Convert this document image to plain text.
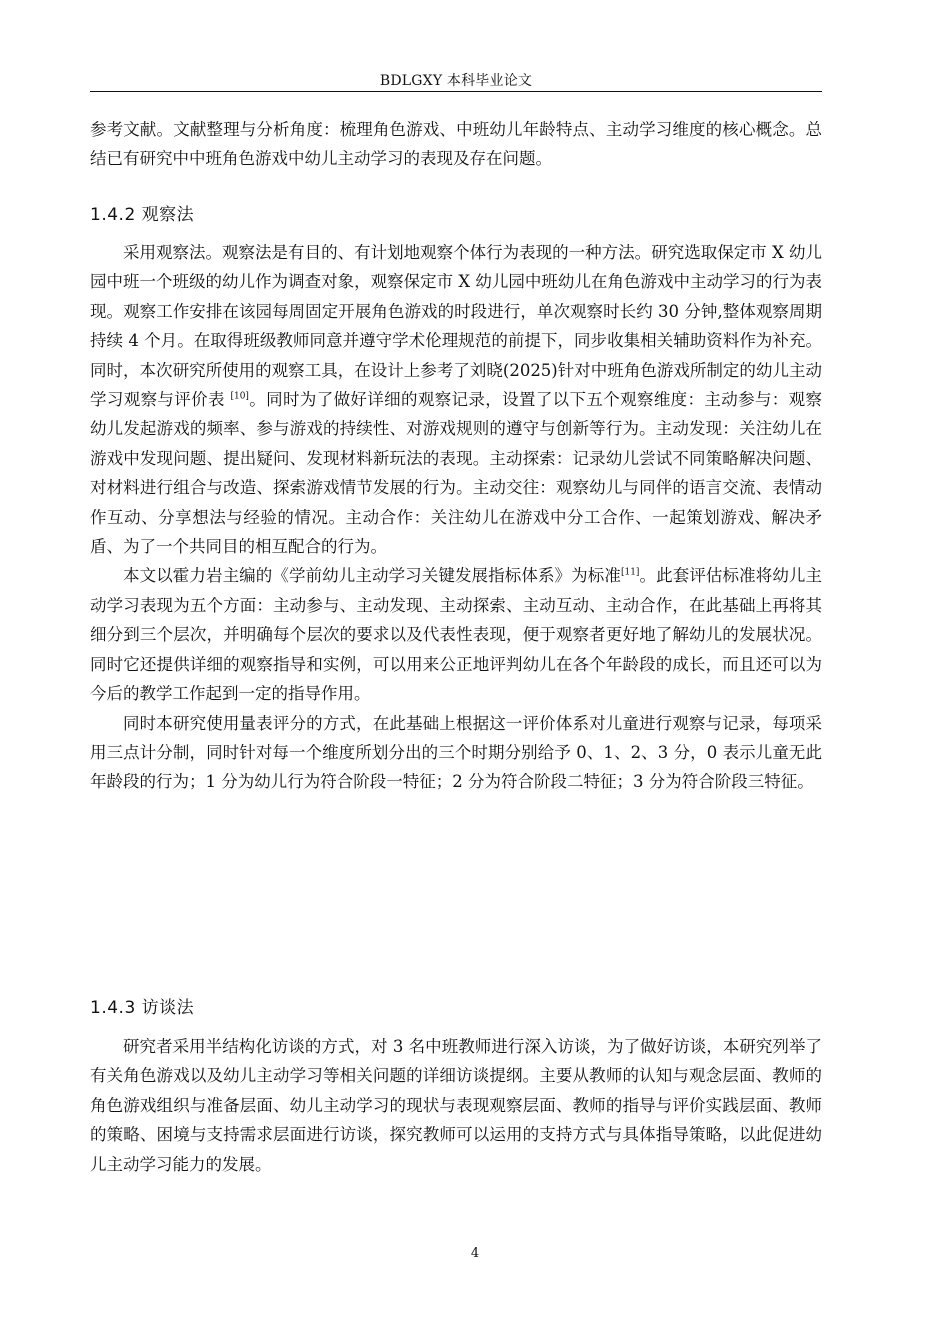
BDLGXY 本科毕业论文

参考文献。文献整理与分析角度：梳理角色游戏、中班幼儿年龄特点、主动学习维度的核心概念。总结已有研究中中班角色游戏中幼儿主动学习的表现及存在问题。

1.4.2 观察法

采用观察法。观察法是有目的、有计划地观察个体行为表现的一种方法。研究选取保定市 X 幼儿园中班一个班级的幼儿作为调查对象，观察保定市 X 幼儿园中班幼儿在角色游戏中主动学习的行为表现。观察工作安排在该园每周固定开展角色游戏的时段进行，单次观察时长约 30 分钟,整体观察周期持续 4 个月。在取得班级教师同意并遵守学术伦理规范的前提下，同步收集相关辅助资料作为补充。同时，本次研究所使用的观察工具，在设计上参考了刘晓(2025)针对中班角色游戏所制定的幼儿主动学习观察与评价表 [10]。同时为了做好详细的观察记录，设置了以下五个观察维度：主动参与：观察幼儿发起游戏的频率、参与游戏的持续性、对游戏规则的遵守与创新等行为。主动发现：关注幼儿在游戏中发现问题、提出疑问、发现材料新玩法的表现。主动探索：记录幼儿尝试不同策略解决问题、对材料进行组合与改造、探索游戏情节发展的行为。主动交往：观察幼儿与同伴的语言交流、表情动作互动、分享想法与经验的情况。主动合作：关注幼儿在游戏中分工合作、一起策划游戏、解决矛盾、为了一个共同目的相互配合的行为。

本文以霍力岩主编的《学前幼儿主动学习关键发展指标体系》为标准[11]。此套评估标准将幼儿主动学习表现为五个方面：主动参与、主动发现、主动探索、主动互动、主动合作，在此基础上再将其细分到三个层次，并明确每个层次的要求以及代表性表现，便于观察者更好地了解幼儿的发展状况。同时它还提供详细的观察指导和实例，可以用来公正地评判幼儿在各个年龄段的成长，而且还可以为今后的教学工作起到一定的指导作用。

同时本研究使用量表评分的方式，在此基础上根据这一评价体系对儿童进行观察与记录，每项采用三点计分制，同时针对每一个维度所划分出的三个时期分别给予 0、1、2、3 分，0 表示儿童无此年龄段的行为；1 分为幼儿行为符合阶段一特征；2 分为符合阶段二特征；3 分为符合阶段三特征。

1.4.3 访谈法

研究者采用半结构化访谈的方式，对 3 名中班教师进行深入访谈，为了做好访谈，本研究列举了有关角色游戏以及幼儿主动学习等相关问题的详细访谈提纲。主要从教师的认知与观念层面、教师的角色游戏组织与准备层面、幼儿主动学习的现状与表现观察层面、教师的指导与评价实践层面、教师的策略、困境与支持需求层面进行访谈，探究教师可以运用的支持方式与具体指导策略，以此促进幼儿主动学习能力的发展。

4
